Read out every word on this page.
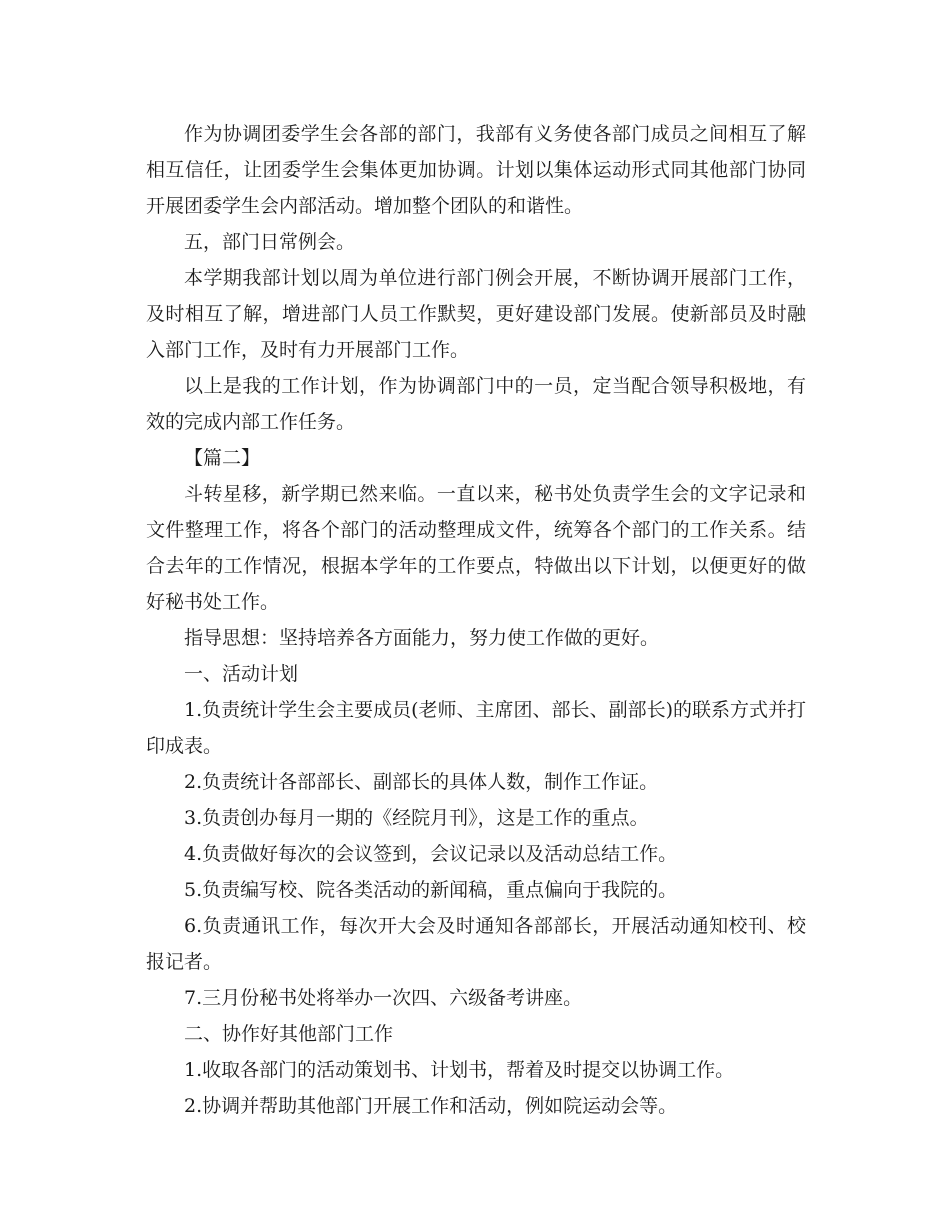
作为协调团委学生会各部的部门，我部有义务使各部门成员之间相互了解相互信任，让团委学生会集体更加协调。计划以集体运动形式同其他部门协同开展团委学生会内部活动。增加整个团队的和谐性。

五，部门日常例会。

本学期我部计划以周为单位进行部门例会开展，不断协调开展部门工作，及时相互了解，增进部门人员工作默契，更好建设部门发展。使新部员及时融入部门工作，及时有力开展部门工作。

以上是我的工作计划，作为协调部门中的一员，定当配合领导积极地，有效的完成内部工作任务。

【篇二】

斗转星移，新学期已然来临。一直以来，秘书处负责学生会的文字记录和文件整理工作，将各个部门的活动整理成文件，统筹各个部门的工作关系。结合去年的工作情况，根据本学年的工作要点，特做出以下计划，以便更好的做好秘书处工作。

指导思想：坚持培养各方面能力，努力使工作做的更好。

一、活动计划

1.负责统计学生会主要成员(老师、主席团、部长、副部长)的联系方式并打印成表。

2.负责统计各部部长、副部长的具体人数，制作工作证。

3.负责创办每月一期的《经院月刊》，这是工作的重点。

4.负责做好每次的会议签到，会议记录以及活动总结工作。

5.负责编写校、院各类活动的新闻稿，重点偏向于我院的。

6.负责通讯工作，每次开大会及时通知各部部长，开展活动通知校刊、校报记者。

7.三月份秘书处将举办一次四、六级备考讲座。

二、协作好其他部门工作

1.收取各部门的活动策划书、计划书，帮着及时提交以协调工作。

2.协调并帮助其他部门开展工作和活动，例如院运动会等。
